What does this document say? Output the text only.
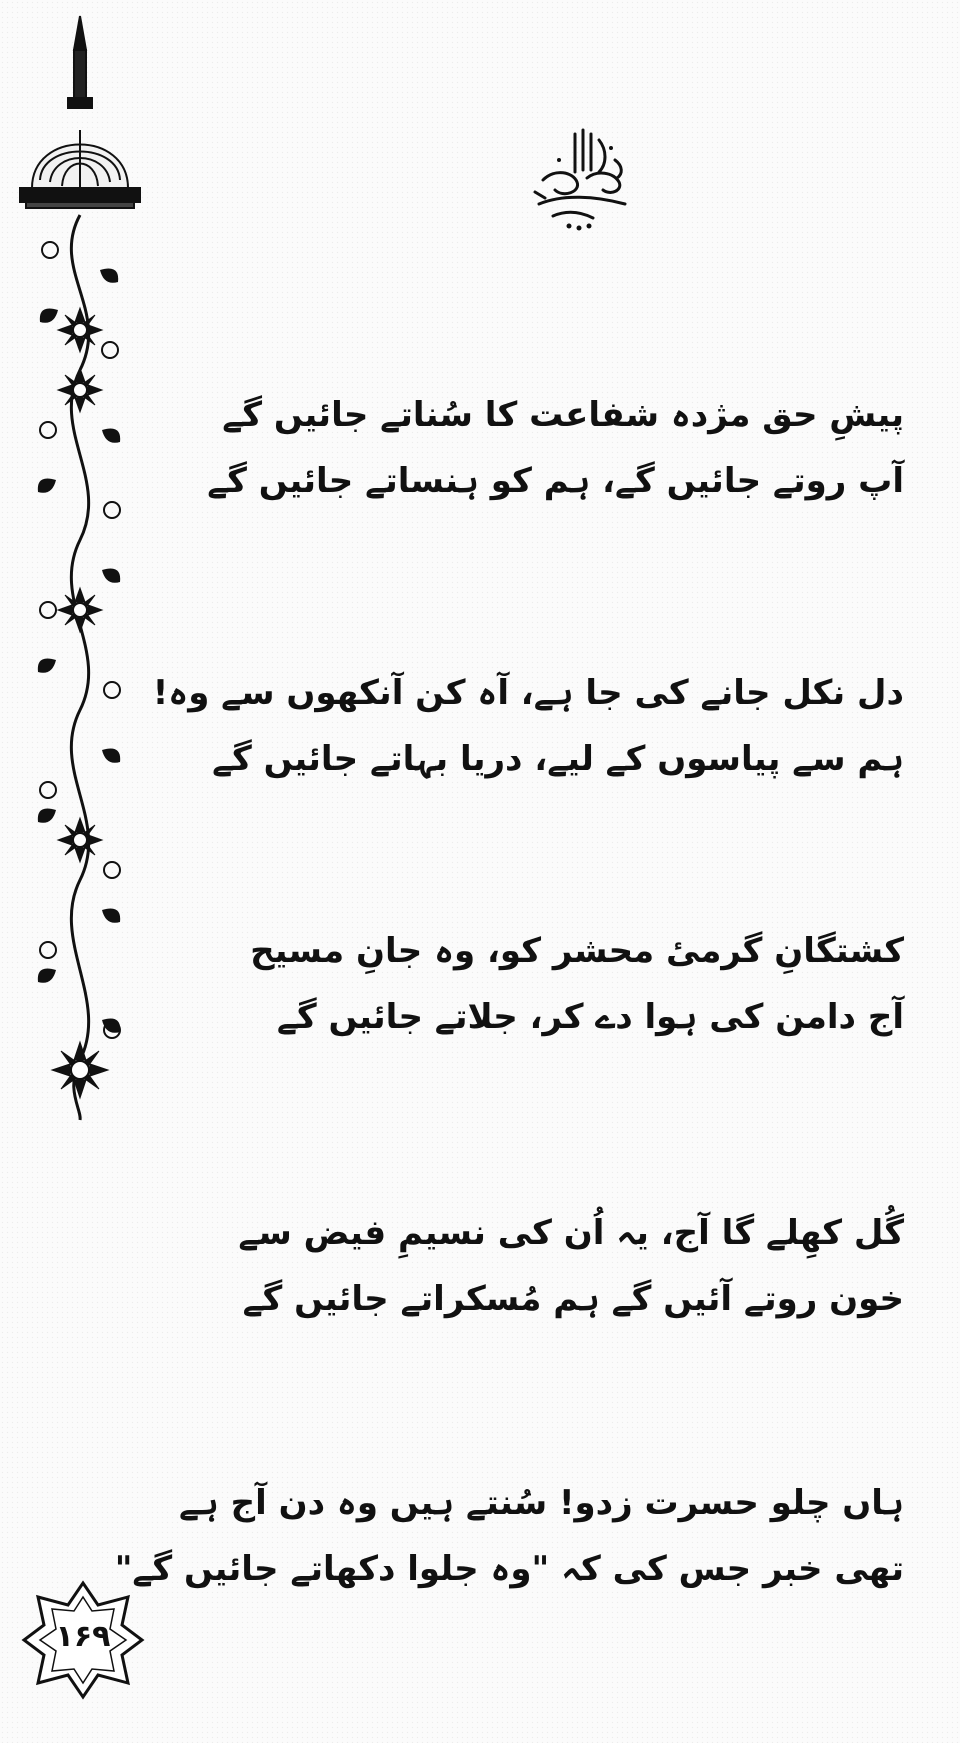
پیشِ حق مژدہ شفاعت کا سُناتے جائیں گے
آپ روتے جائیں گے، ہم کو ہنساتے جائیں گے
دل نکل جانے کی جا ہے، آہ کن آنکھوں سے وہ!
ہم سے پیاسوں کے لیے، دریا بہاتے جائیں گے
کشتگانِ گرمیٔ محشر کو، وہ جانِ مسیح
آج دامن کی ہوا دے کر، جلاتے جائیں گے
گُل کھِلے گا آج، یہ اُن کی نسیمِ فیض سے
خون روتے آئیں گے ہم مُسکراتے جائیں گے
ہاں چلو حسرت زدو! سُنتے ہیں وہ دن آج ہے
تھی خبر جس کی کہ "وہ جلوا دکھاتے جائیں گے"
۱۶۹
